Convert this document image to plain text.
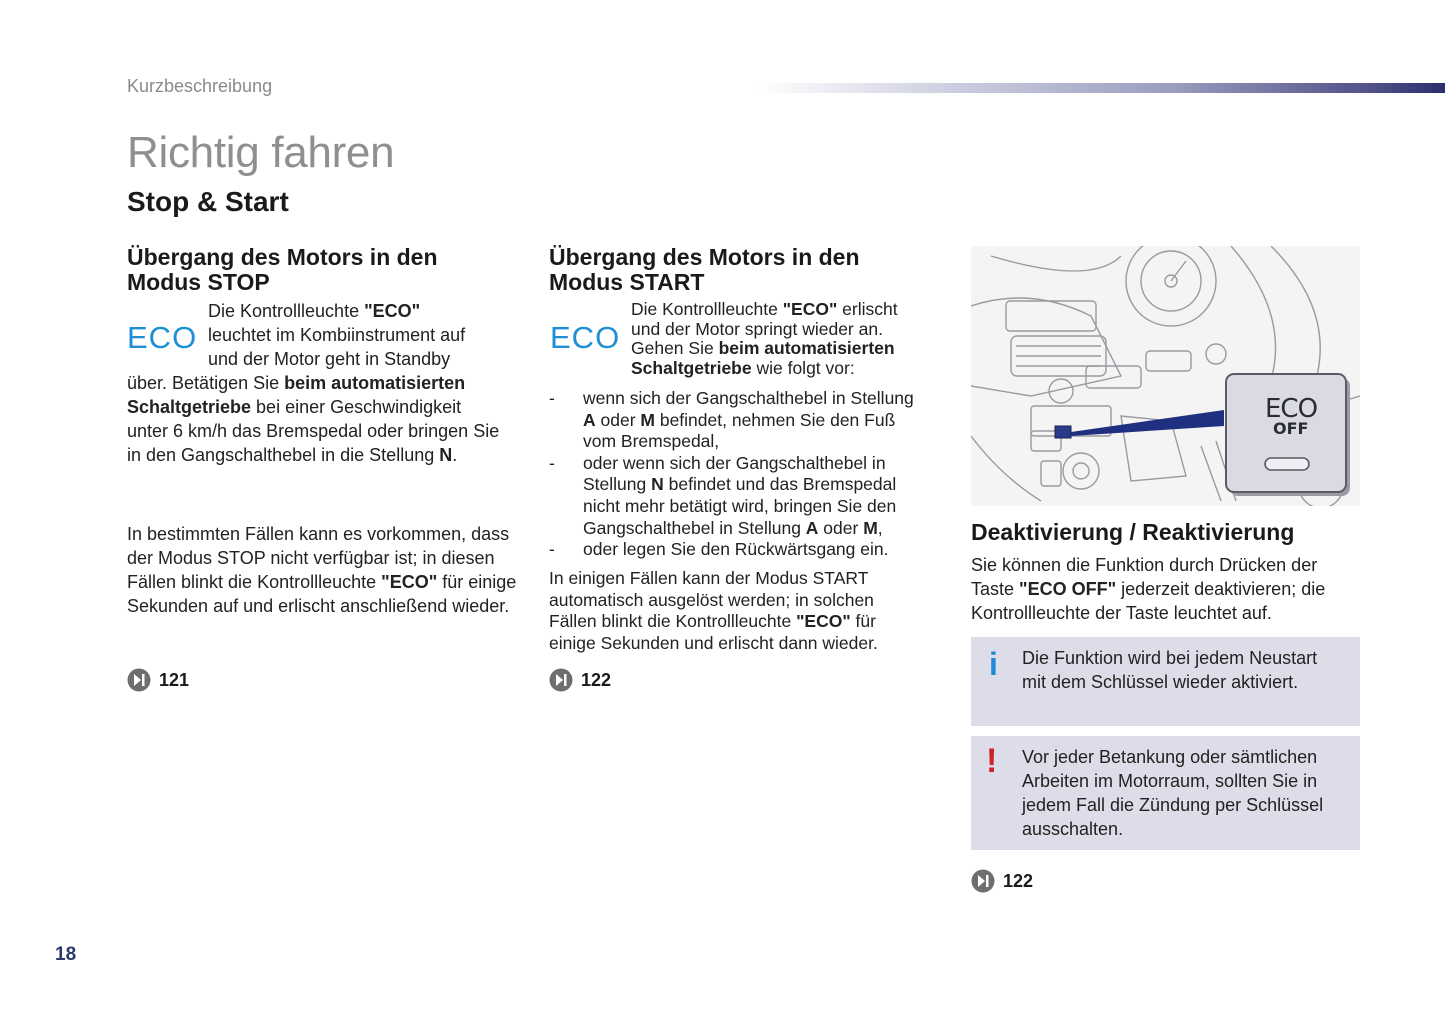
Kurzbeschreibung
Richtig fahren
Stop & Start
Übergang des Motors in den
Modus STOP
ECO
Die Kontrollleuchte "ECO"
leuchtet im Kombiinstrument auf
und der Motor geht in Standby
über. Betätigen Sie beim automatisierten
Schaltgetriebe bei einer Geschwindigkeit
unter 6 km/h das Bremspedal oder bringen Sie
in den Gangschalthebel in die Stellung N.
In bestimmten Fällen kann es vorkommen, dass
der Modus STOP nicht verfügbar ist; in diesen
Fällen blinkt die Kontrollleuchte "ECO" für einige
Sekunden auf und erlischt anschließend wieder.
121
Übergang des Motors in den
Modus START
ECO
Die Kontrollleuchte "ECO" erlischt
und der Motor springt wieder an.
Gehen Sie beim automatisierten
Schaltgetriebe wie folgt vor:
-	wenn sich der Gangschalthebel in Stellung
A oder M befindet, nehmen Sie den Fuß
vom Bremspedal,
-	oder wenn sich der Gangschalthebel in
Stellung N befindet und das Bremspedal
nicht mehr betätigt wird, bringen Sie den
Gangschalthebel in Stellung A oder M,
-	oder legen Sie den Rückwärtsgang ein.
In einigen Fällen kann der Modus START
automatisch ausgelöst werden; in solchen
Fällen blinkt die Kontrollleuchte "ECO" für
einige Sekunden und erlischt dann wieder.
122
ECO
OFF
Deaktivierung / Reaktivierung
Sie können die Funktion durch Drücken der
Taste "ECO OFF" jederzeit deaktivieren; die
Kontrollleuchte der Taste leuchtet auf.
i Die Funktion wird bei jedem Neustart
mit dem Schlüssel wieder aktiviert.
! Vor jeder Betankung oder sämtlichen
Arbeiten im Motorraum, sollten Sie in
jedem Fall die Zündung per Schlüssel
ausschalten.
122
18
